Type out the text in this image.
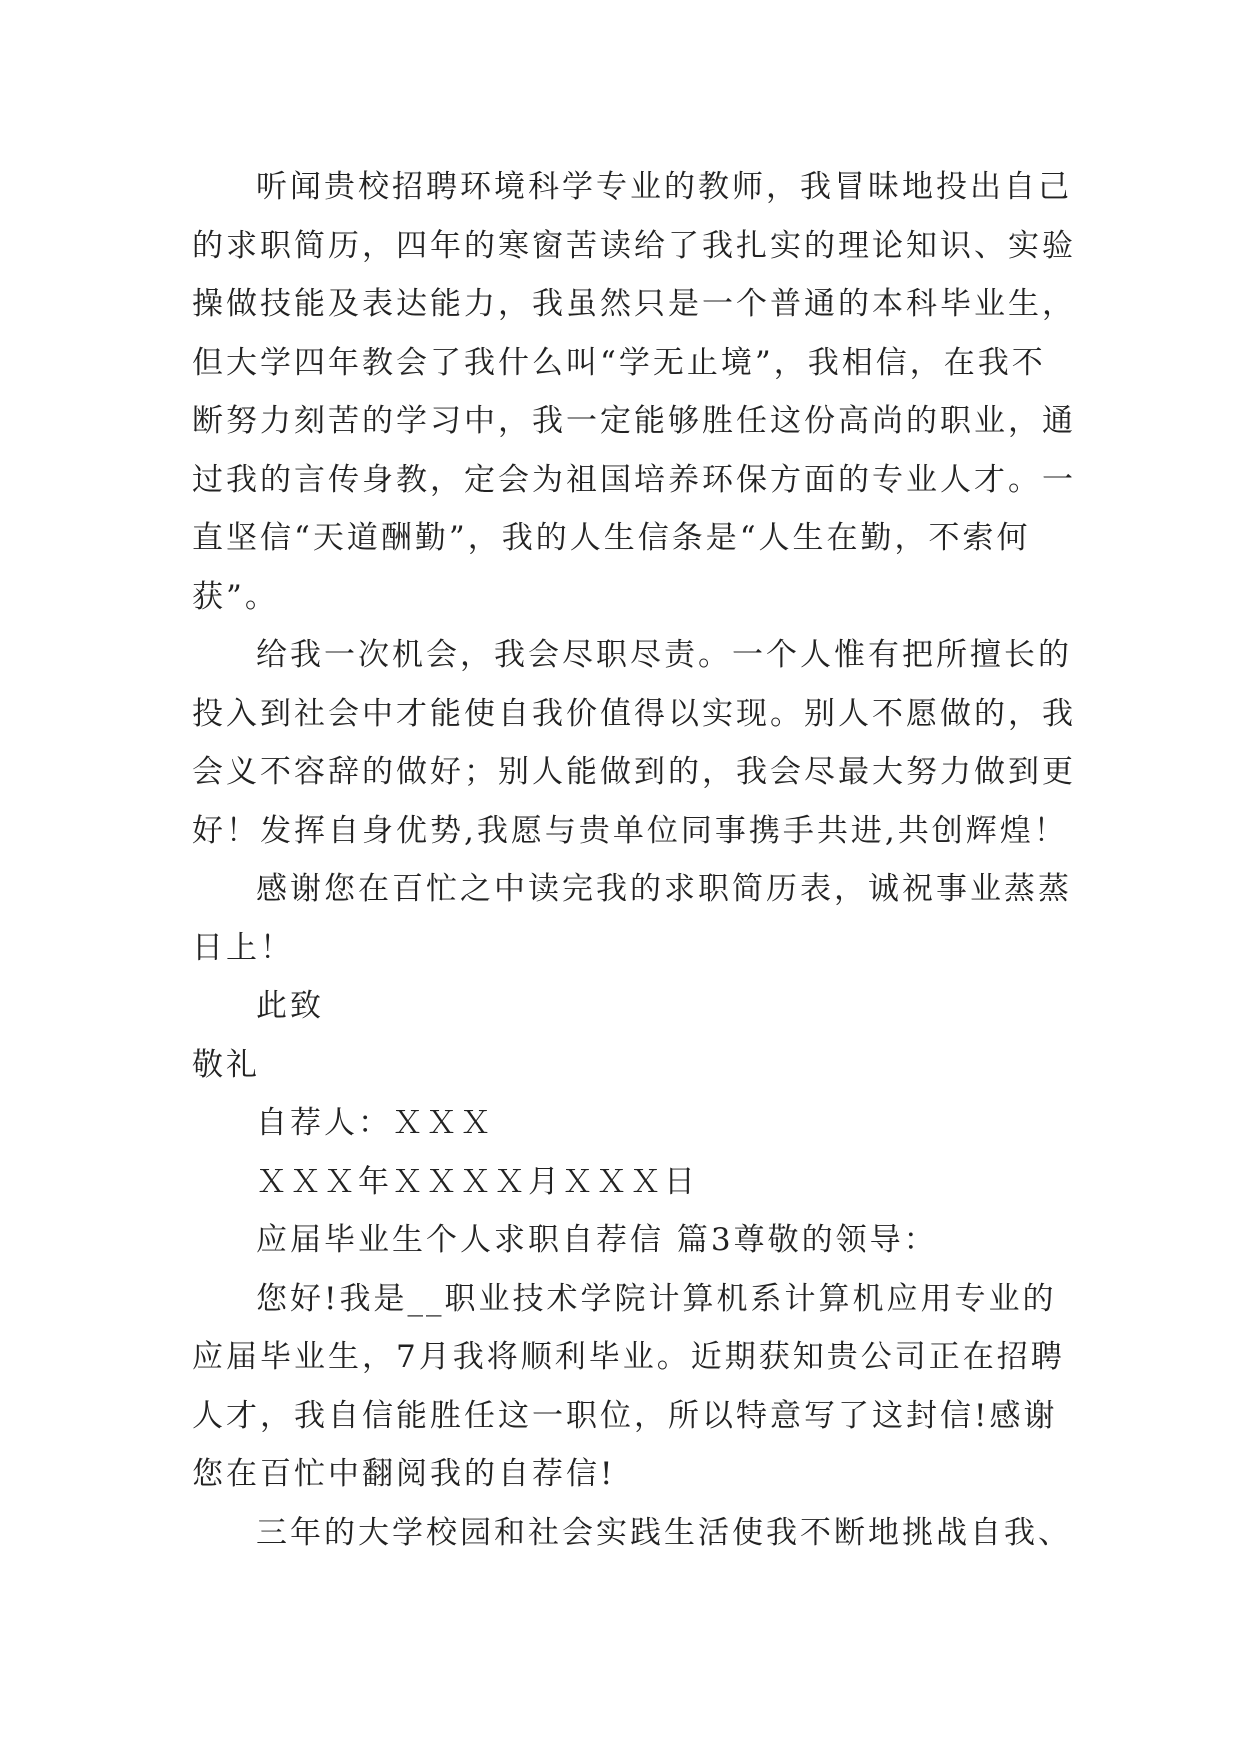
听闻贵校招聘环境科学专业的教师，我冒昧地投出自己
的求职简历，四年的寒窗苦读给了我扎实的理论知识、实验
操做技能及表达能力，我虽然只是一个普通的本科毕业生，
但大学四年教会了我什么叫“学无止境”，我相信，在我不
断努力刻苦的学习中，我一定能够胜任这份高尚的职业，通
过我的言传身教，定会为祖国培养环保方面的专业人才。一
直坚信“天道酬勤”，我的人生信条是“人生在勤，不索何
获”。
给我一次机会，我会尽职尽责。一个人惟有把所擅长的
投入到社会中才能使自我价值得以实现。别人不愿做的，我
会义不容辞的做好；别人能做到的，我会尽最大努力做到更
好！发挥自身优势,我愿与贵单位同事携手共进,共创辉煌！
感谢您在百忙之中读完我的求职简历表，诚祝事业蒸蒸
日上！
此致
敬礼
自荐人：ＸＸＸ
ＸＸＸ年ＸＸＸＸ月ＸＸＸ日
应届毕业生个人求职自荐信 篇3尊敬的领导：
您好!我是__职业技术学院计算机系计算机应用专业的
应届毕业生，7月我将顺利毕业。近期获知贵公司正在招聘
人才，我自信能胜任这一职位，所以特意写了这封信!感谢
您在百忙中翻阅我的自荐信!
三年的大学校园和社会实践生活使我不断地挑战自我、
